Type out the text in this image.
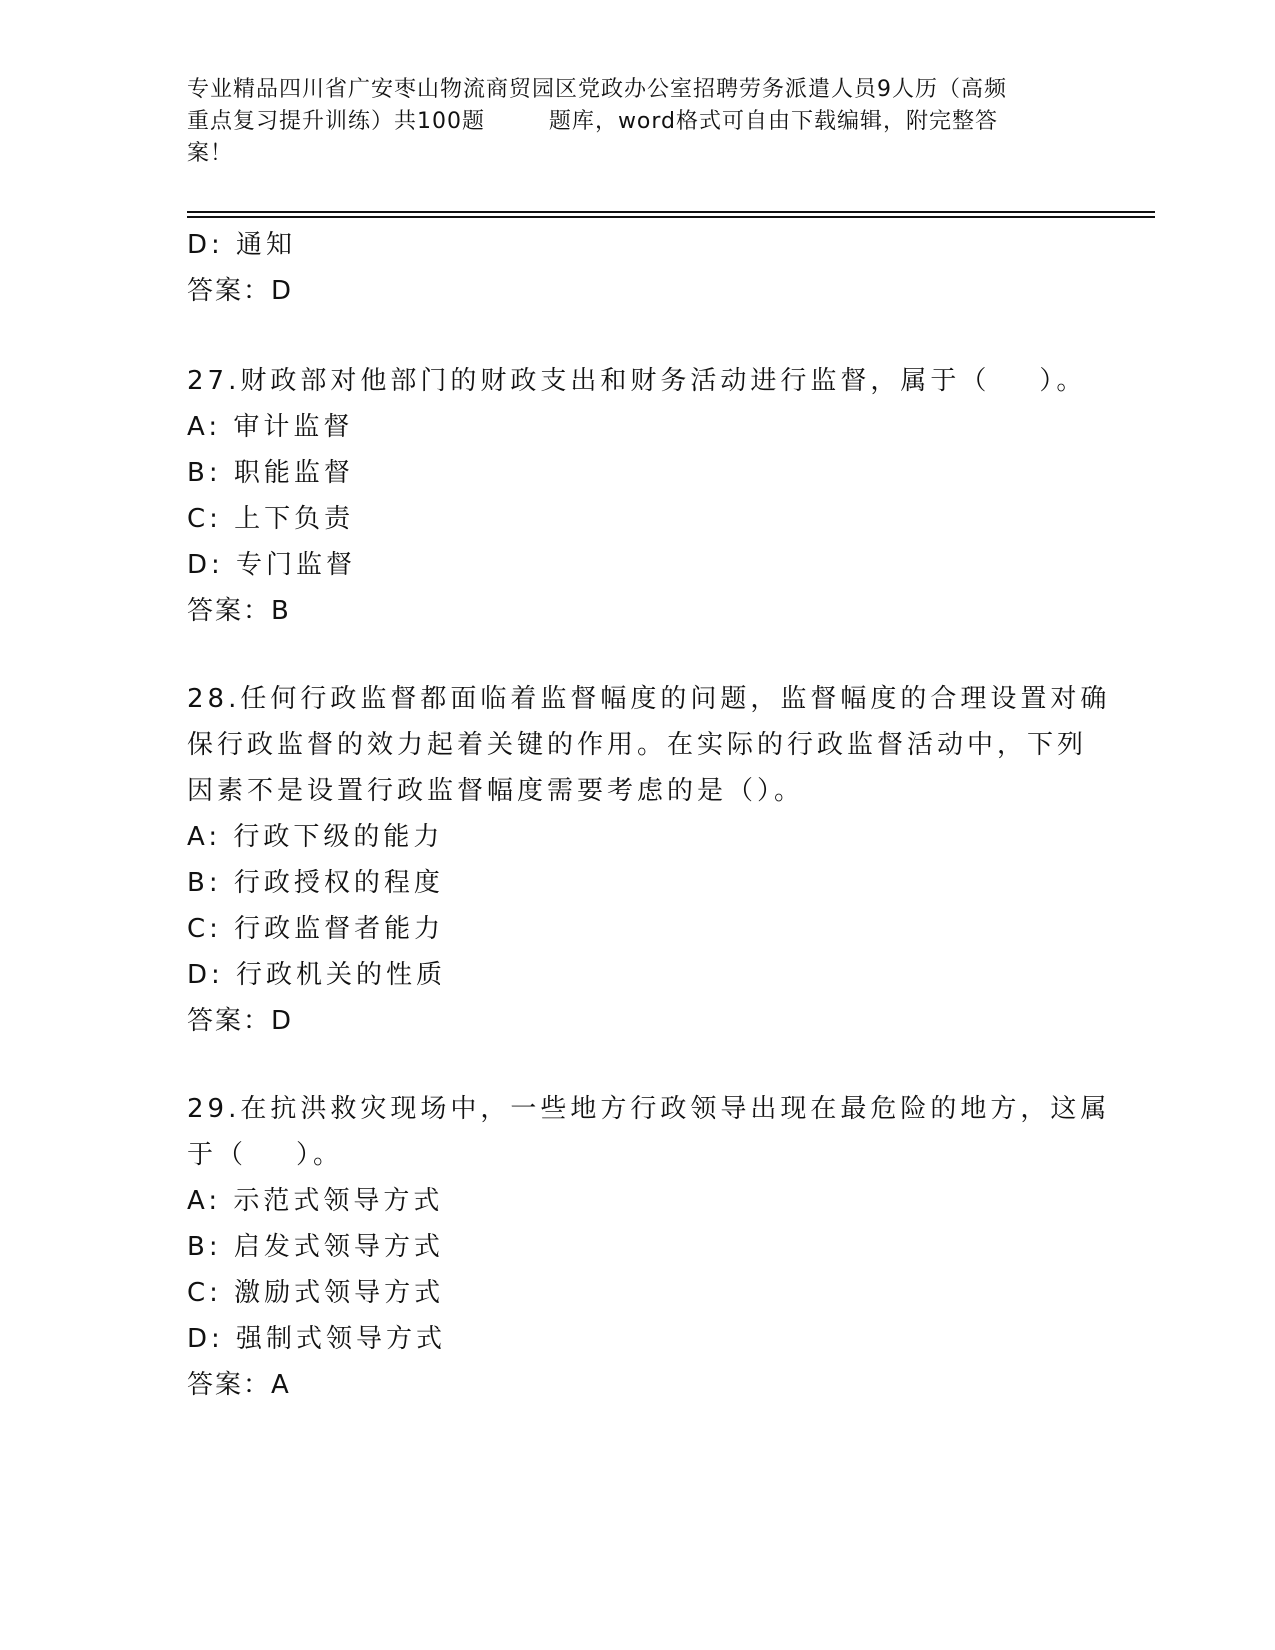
专业精品四川省广安枣山物流商贸园区党政办公室招聘劳务派遣人员9人历（高频
重点复习提升训练）共100题        题库，word格式可自由下载编辑，附完整答
案！
D: 通知
答案：D
27.财政部对他部门的财政支出和财务活动进行监督，属于（    ）。
A: 审计监督
B: 职能监督
C: 上下负责
D: 专门监督
答案：B
28.任何行政监督都面临着监督幅度的问题，监督幅度的合理设置对确
保行政监督的效力起着关键的作用。在实际的行政监督活动中，下列
因素不是设置行政监督幅度需要考虑的是（）。
A: 行政下级的能力
B: 行政授权的程度
C: 行政监督者能力
D: 行政机关的性质
答案：D
29.在抗洪救灾现场中，一些地方行政领导出现在最危险的地方，这属
于（    ）。
A: 示范式领导方式
B: 启发式领导方式
C: 激励式领导方式
D: 强制式领导方式
答案：A
